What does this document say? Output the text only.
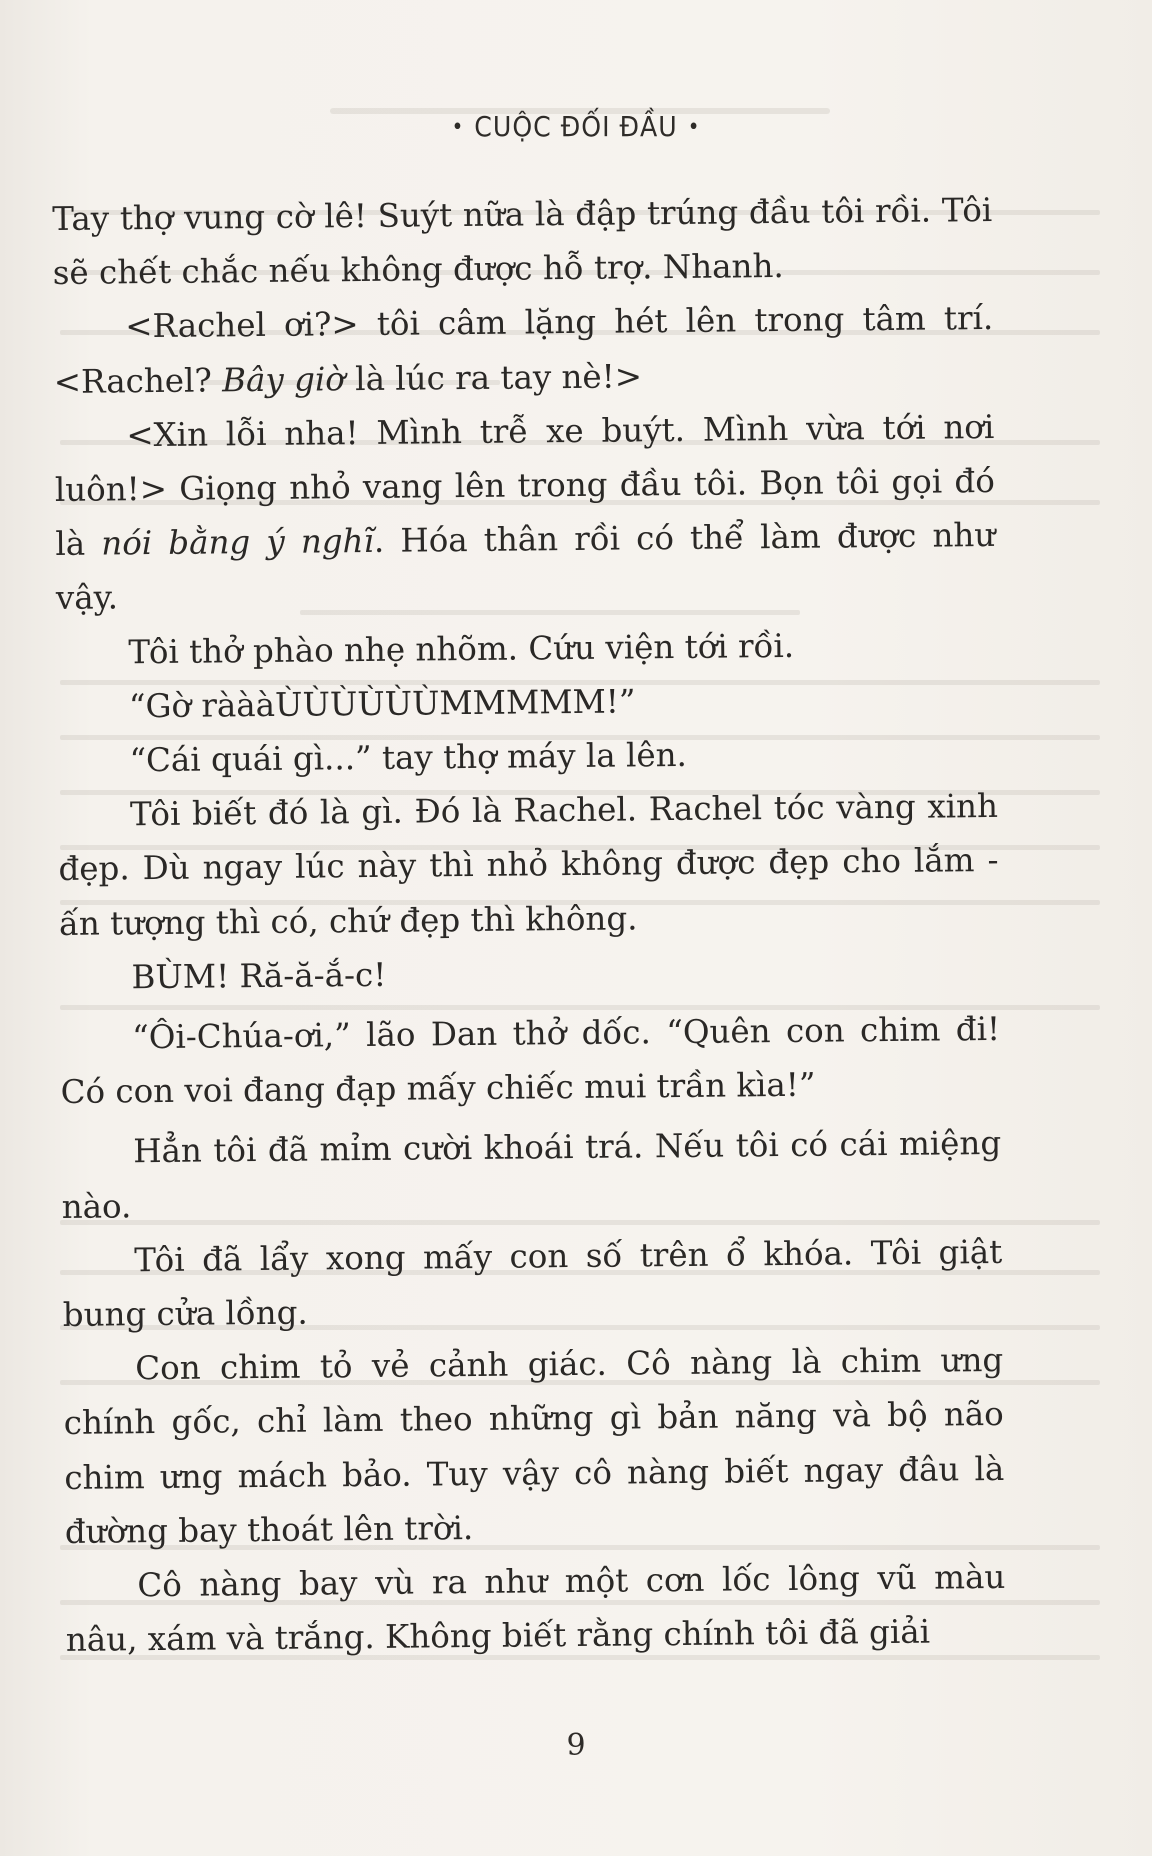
• CUỘC ĐỐI ĐẦU •

Tay thợ vung cờ lê! Suýt nữa là đập trúng đầu tôi rồi. Tôi sẽ chết chắc nếu không được hỗ trợ. Nhanh.

<Rachel ơi?> tôi câm lặng hét lên trong tâm trí. <Rachel? Bây giờ là lúc ra tay nè!>

<Xin lỗi nha! Mình trễ xe buýt. Mình vừa tới nơi luôn!> Giọng nhỏ vang lên trong đầu tôi. Bọn tôi gọi đó là nói bằng ý nghĩ. Hóa thân rồi có thể làm được như vậy.

Tôi thở phào nhẹ nhõm. Cứu viện tới rồi.

“Gờ ràààÙÙÙÙÙÙMMMMM!”

“Cái quái gì...” tay thợ máy la lên.

Tôi biết đó là gì. Đó là Rachel. Rachel tóc vàng xinh đẹp. Dù ngay lúc này thì nhỏ không được đẹp cho lắm - ấn tượng thì có, chứ đẹp thì không.

BÙM! Ră-ă-ắ-c!

“Ôi-Chúa-ơi,” lão Dan thở dốc. “Quên con chim đi! Có con voi đang đạp mấy chiếc mui trần kìa!”

Hẳn tôi đã mỉm cười khoái trá. Nếu tôi có cái miệng nào.

Tôi đã lẩy xong mấy con số trên ổ khóa. Tôi giật bung cửa lồng.

Con chim tỏ vẻ cảnh giác. Cô nàng là chim ưng chính gốc, chỉ làm theo những gì bản năng và bộ não chim ưng mách bảo. Tuy vậy cô nàng biết ngay đâu là đường bay thoát lên trời.

Cô nàng bay vù ra như một cơn lốc lông vũ màu nâu, xám và trắng. Không biết rằng chính tôi đã giải

9
